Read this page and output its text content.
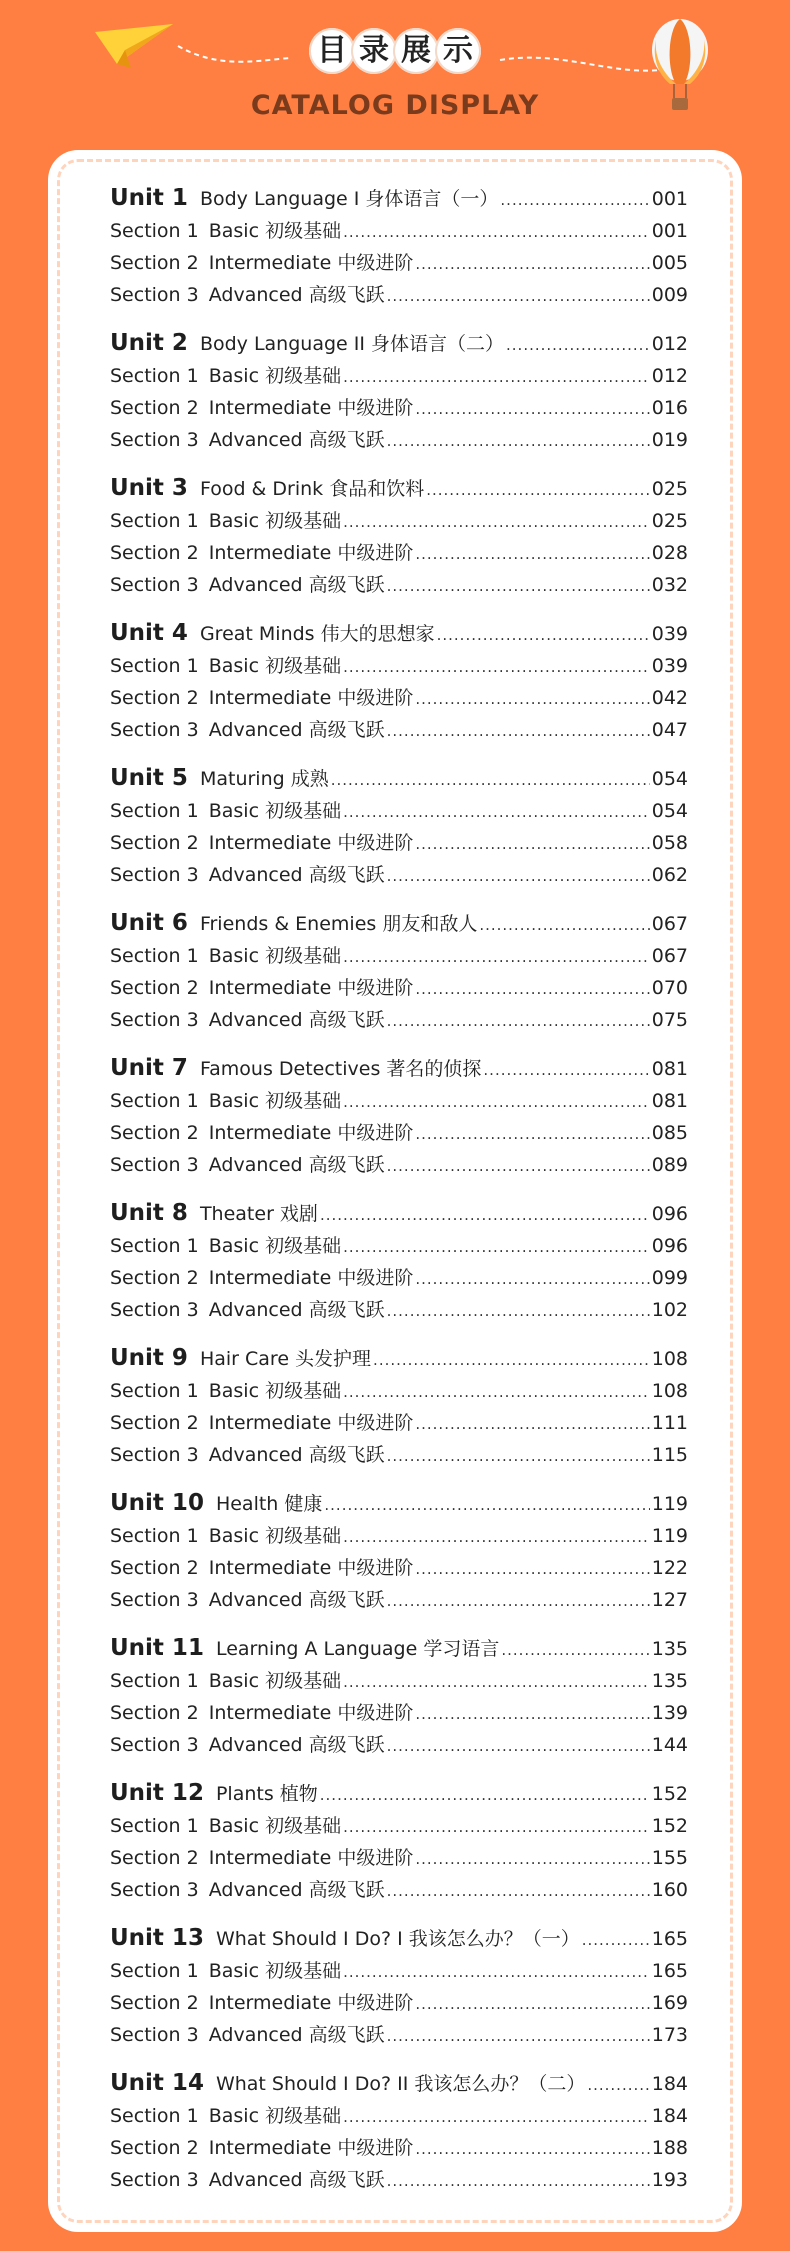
目 录 展 示
CATALOG DISPLAY
Unit 1 Body Language I 身体语言（一） .....	001
Section 1 Basic 初级基础 .....	001
Section 2 Intermediate 中级进阶 .....	005
Section 3 Advanced 高级飞跃 .....	009
Unit 2 Body Language II 身体语言（二） .....	012
Section 1 Basic 初级基础 .....	012
Section 2 Intermediate 中级进阶 .....	016
Section 3 Advanced 高级飞跃 .....	019
Unit 3 Food & Drink 食品和饮料 .....	025
Section 1 Basic 初级基础 .....	025
Section 2 Intermediate 中级进阶 .....	028
Section 3 Advanced 高级飞跃 .....	032
Unit 4 Great Minds 伟大的思想家 .....	039
Section 1 Basic 初级基础 .....	039
Section 2 Intermediate 中级进阶 .....	042
Section 3 Advanced 高级飞跃 .....	047
Unit 5 Maturing 成熟 .....	054
Section 1 Basic 初级基础 .....	054
Section 2 Intermediate 中级进阶 .....	058
Section 3 Advanced 高级飞跃 .....	062
Unit 6 Friends & Enemies 朋友和敌人 .....	067
Section 1 Basic 初级基础 .....	067
Section 2 Intermediate 中级进阶 .....	070
Section 3 Advanced 高级飞跃 .....	075
Unit 7 Famous Detectives 著名的侦探 .....	081
Section 1 Basic 初级基础 .....	081
Section 2 Intermediate 中级进阶 .....	085
Section 3 Advanced 高级飞跃 .....	089
Unit 8 Theater 戏剧 .....	096
Section 1 Basic 初级基础 .....	096
Section 2 Intermediate 中级进阶 .....	099
Section 3 Advanced 高级飞跃 .....	102
Unit 9 Hair Care 头发护理 .....	108
Section 1 Basic 初级基础 .....	108
Section 2 Intermediate 中级进阶 .....	111
Section 3 Advanced 高级飞跃 .....	115
Unit 10 Health 健康 .....	119
Section 1 Basic 初级基础 .....	119
Section 2 Intermediate 中级进阶 .....	122
Section 3 Advanced 高级飞跃 .....	127
Unit 11 Learning A Language 学习语言 .....	135
Section 1 Basic 初级基础 .....	135
Section 2 Intermediate 中级进阶 .....	139
Section 3 Advanced 高级飞跃 .....	144
Unit 12 Plants 植物 .....	152
Section 1 Basic 初级基础 .....	152
Section 2 Intermediate 中级进阶 .....	155
Section 3 Advanced 高级飞跃 .....	160
Unit 13 What Should I Do? I 我该怎么办？（一） .....	165
Section 1 Basic 初级基础 .....	165
Section 2 Intermediate 中级进阶 .....	169
Section 3 Advanced 高级飞跃 .....	173
Unit 14 What Should I Do? II 我该怎么办？（二） .....	184
Section 1 Basic 初级基础 .....	184
Section 2 Intermediate 中级进阶 .....	188
Section 3 Advanced 高级飞跃 .....	193
